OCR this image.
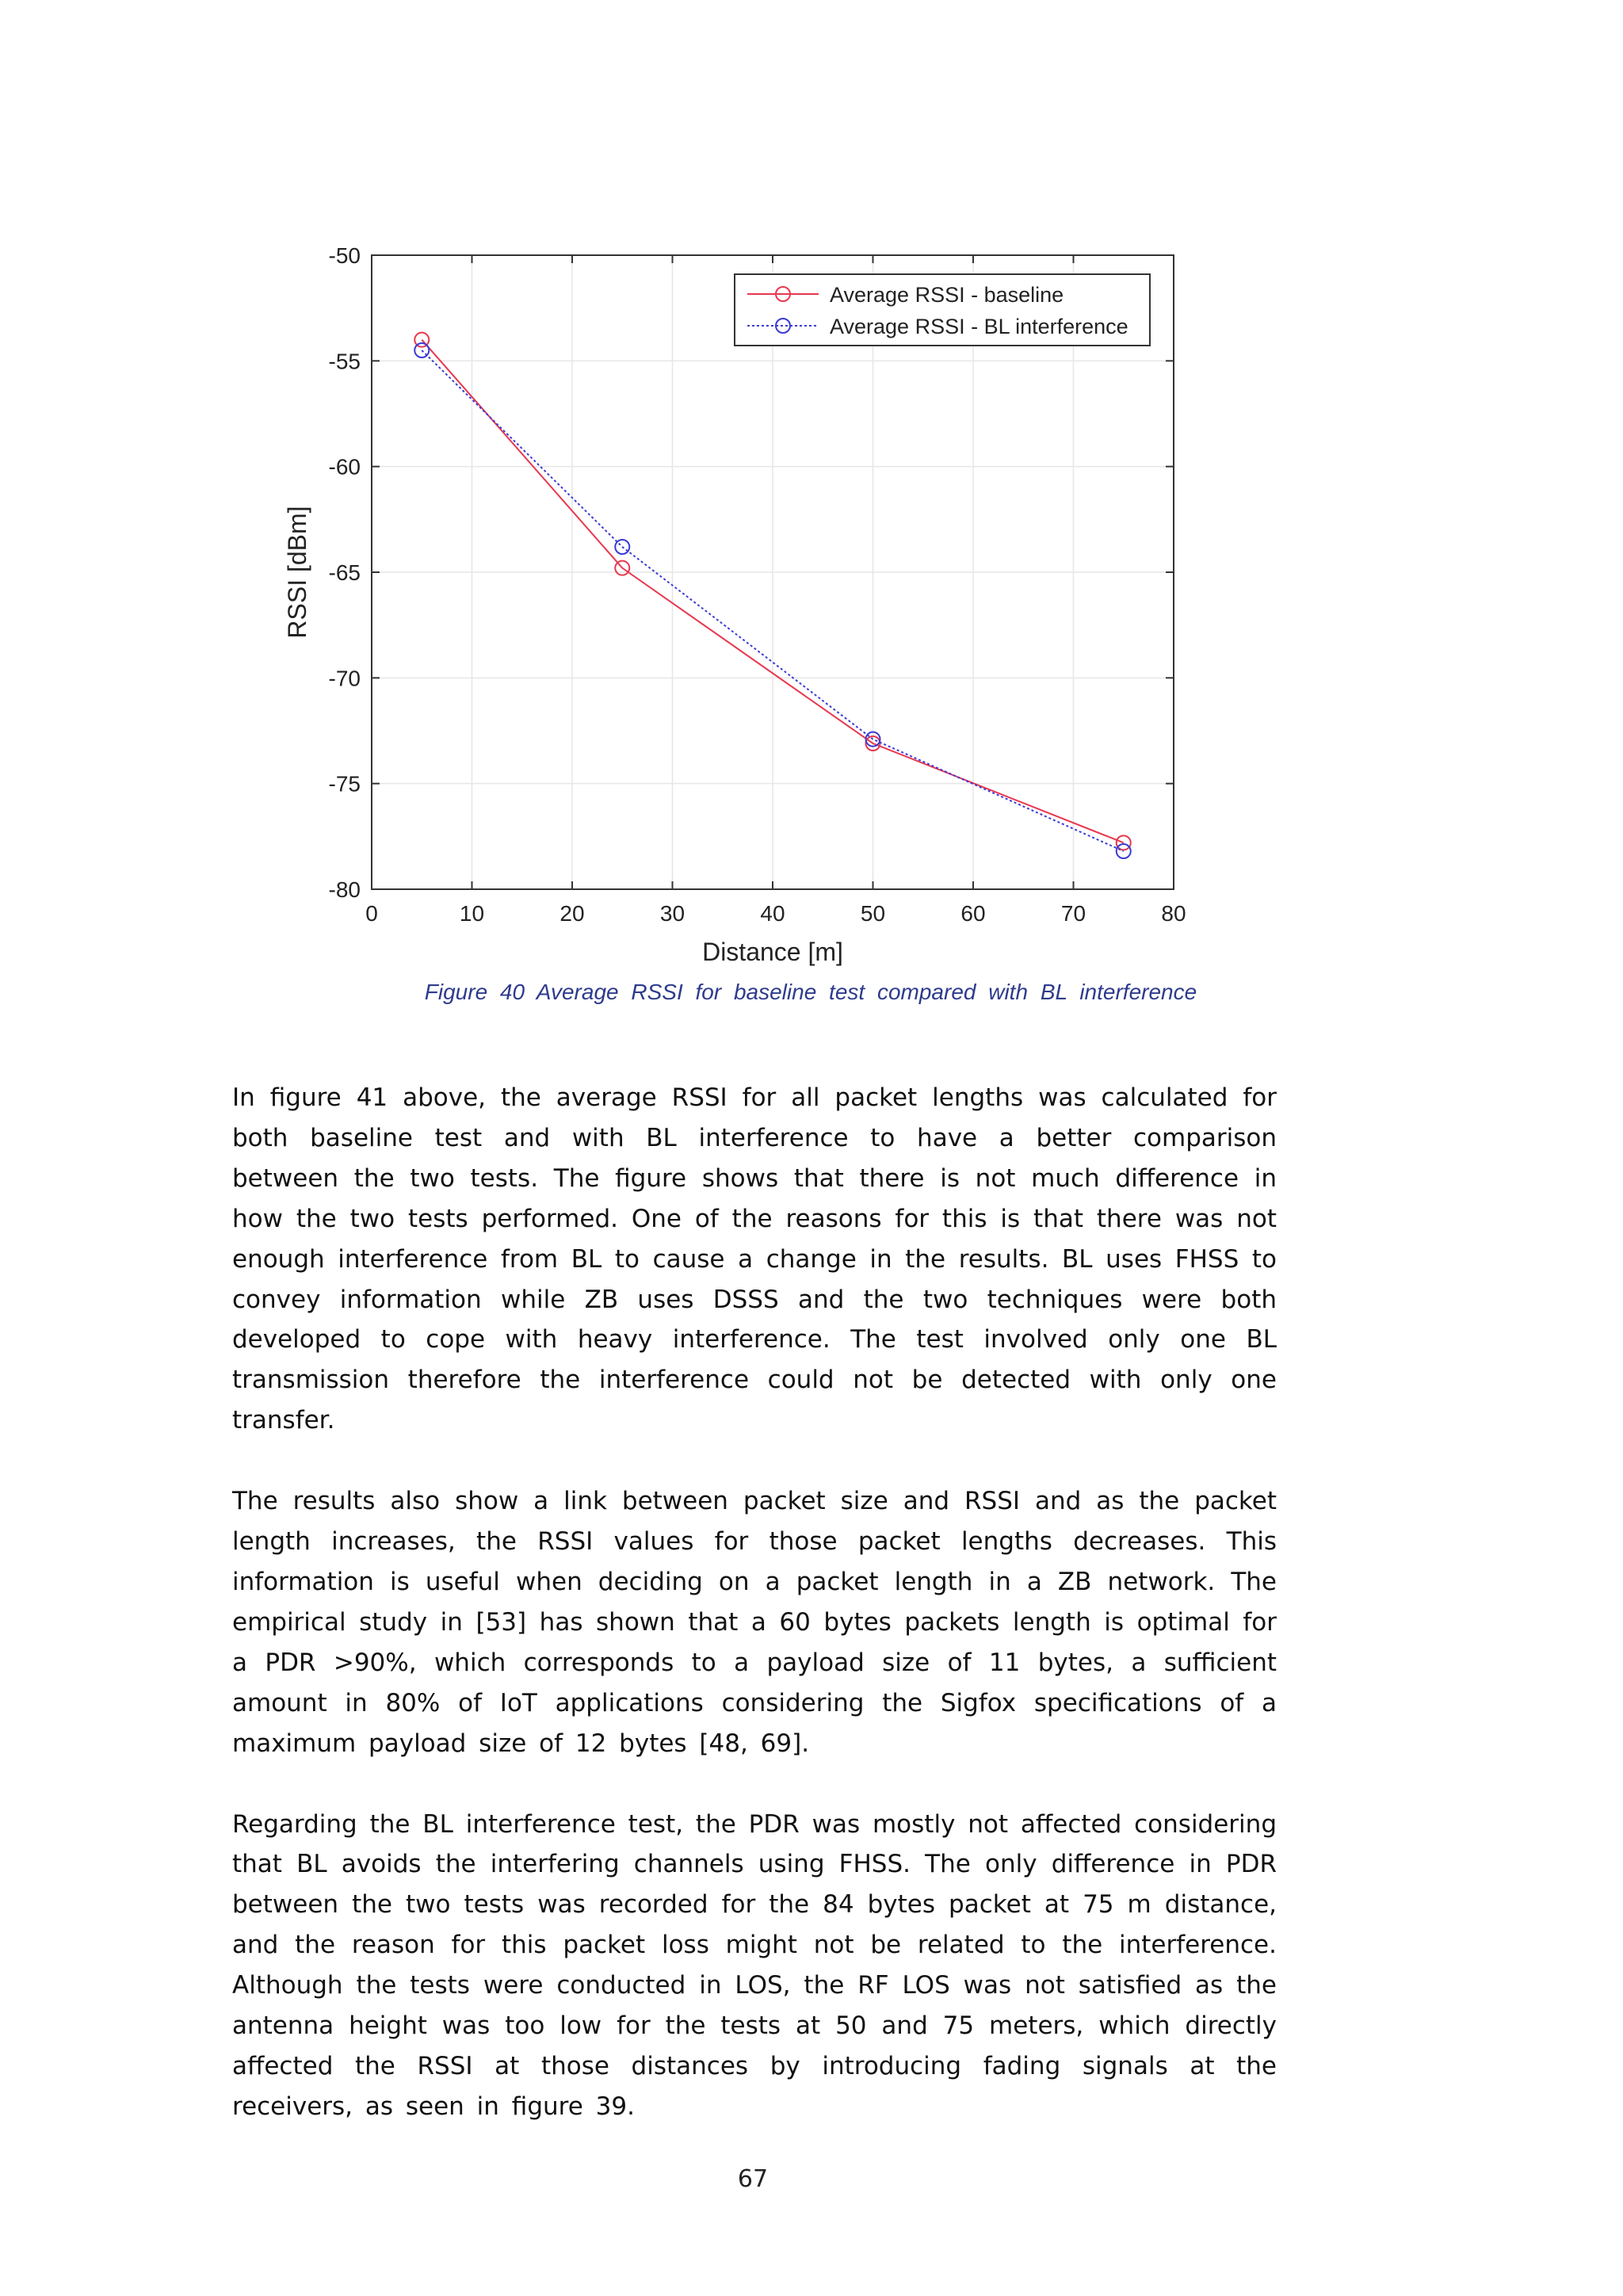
0	10	20	30	40	50	60	70	80
-50
-55
-60
-65
-70
-75
-80
Average RSSI - baseline
Average RSSI - BL interference
Distance [m]
RSSI [dBm]
Figure 40 Average RSSI for baseline test compared with BL interference

In figure 41 above, the average RSSI for all packet lengths was calculated for both baseline test and with BL interference to have a better comparison between the two tests. The figure shows that there is not much difference in how the two tests performed. One of the reasons for this is that there was not enough interference from BL to cause a change in the results. BL uses FHSS to convey information while ZB uses DSSS and the two techniques were both developed to cope with heavy interference. The test involved only one BL transmission therefore the interference could not be detected with only one transfer.

The results also show a link between packet size and RSSI and as the packet length increases, the RSSI values for those packet lengths decreases. This information is useful when deciding on a packet length in a ZB network. The empirical study in [53] has shown that a 60 bytes packets length is optimal for a PDR >90%, which corresponds to a payload size of 11 bytes, a sufficient amount in 80% of IoT applications considering the Sigfox specifications of a maximum payload size of 12 bytes [48, 69].

Regarding the BL interference test, the PDR was mostly not affected considering that BL avoids the interfering channels using FHSS. The only difference in PDR between the two tests was recorded for the 84 bytes packet at 75 m distance, and the reason for this packet loss might not be related to the interference. Although the tests were conducted in LOS, the RF LOS was not satisfied as the antenna height was too low for the tests at 50 and 75 meters, which directly affected the RSSI at those distances by introducing fading signals at the receivers, as seen in figure 39.

67
